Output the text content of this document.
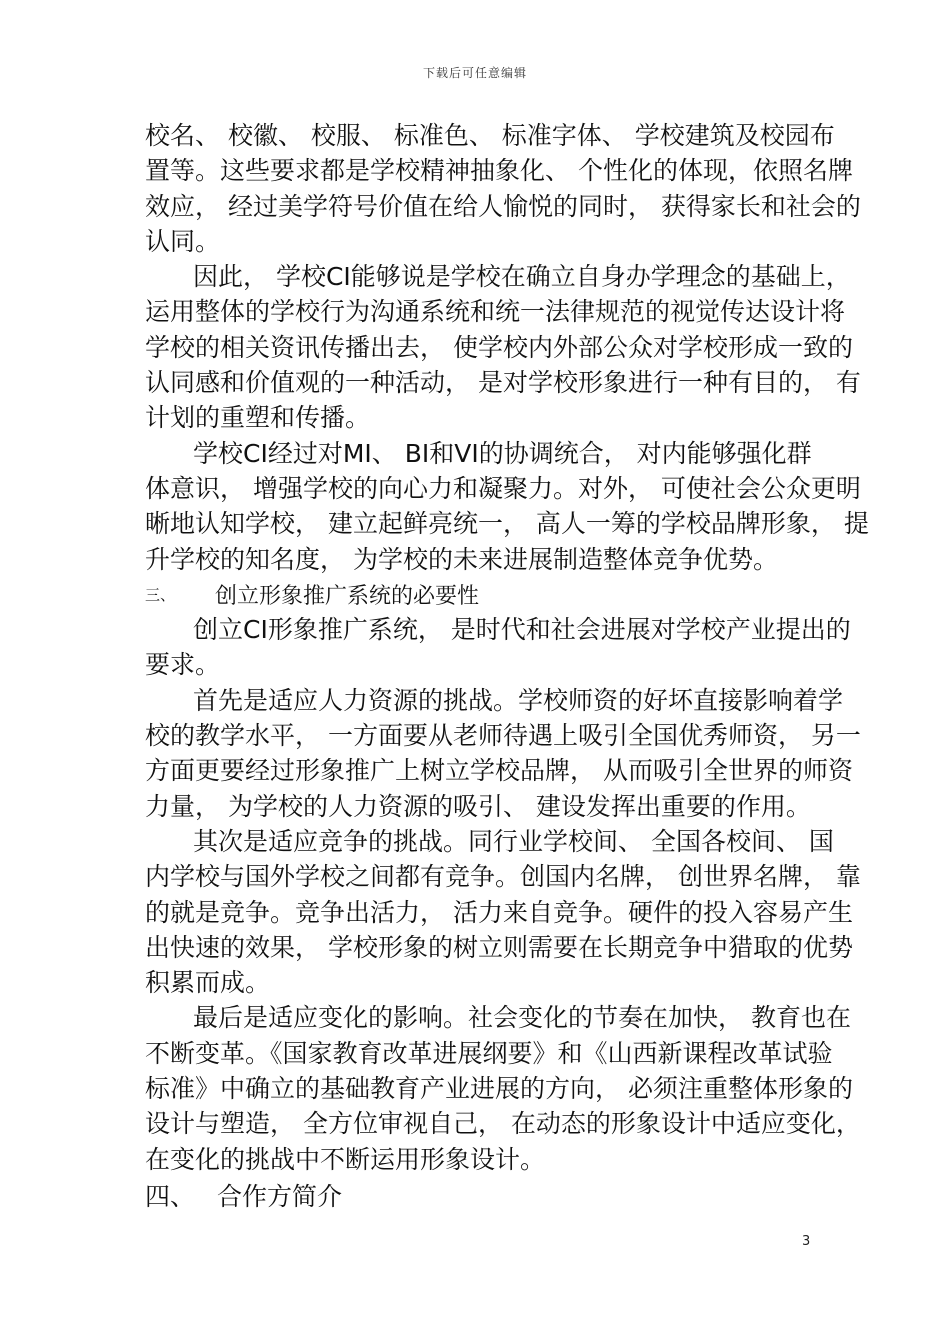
下载后可任意编辑
校名、 校徽、 校服、 标准色、 标准字体、 学校建筑及校园布
置等。这些要求都是学校精神抽象化、 个性化的体现，依照名牌
效应， 经过美学符号价值在给人愉悦的同时， 获得家长和社会的
认同。
因此， 学校CI能够说是学校在确立自身办学理念的基础上，
运用整体的学校行为沟通系统和统一法律规范的视觉传达设计将
学校的相关资讯传播出去， 使学校内外部公众对学校形成一致的
认同感和价值观的一种活动， 是对学校形象进行一种有目的， 有
计划的重塑和传播。
学校CI经过对MI、 BI和VI的协调统合， 对内能够强化群
体意识， 增强学校的向心力和凝聚力。对外， 可使社会公众更明
晰地认知学校， 建立起鲜亮统一， 高人一筹的学校品牌形象， 提
升学校的知名度， 为学校的未来进展制造整体竞争优势。
三、	创立形象推广系统的必要性
创立CI形象推广系统， 是时代和社会进展对学校产业提出的
要求。
首先是适应人力资源的挑战。学校师资的好坏直接影响着学
校的教学水平， 一方面要从老师待遇上吸引全国优秀师资， 另一
方面更要经过形象推广上树立学校品牌， 从而吸引全世界的师资
力量， 为学校的人力资源的吸引、 建设发挥出重要的作用。
其次是适应竞争的挑战。同行业学校间、 全国各校间、 国
内学校与国外学校之间都有竞争。创国内名牌， 创世界名牌， 靠
的就是竞争。竞争出活力， 活力来自竞争。硬件的投入容易产生
出快速的效果， 学校形象的树立则需要在长期竞争中猎取的优势
积累而成。
最后是适应变化的影响。社会变化的节奏在加快， 教育也在
不断变革。《国家教育改革进展纲要》和《山西新课程改革试验
标准》中确立的基础教育产业进展的方向， 必须注重整体形象的
设计与塑造， 全方位审视自己， 在动态的形象设计中适应变化，
在变化的挑战中不断运用形象设计。
四、 合作方简介
3
